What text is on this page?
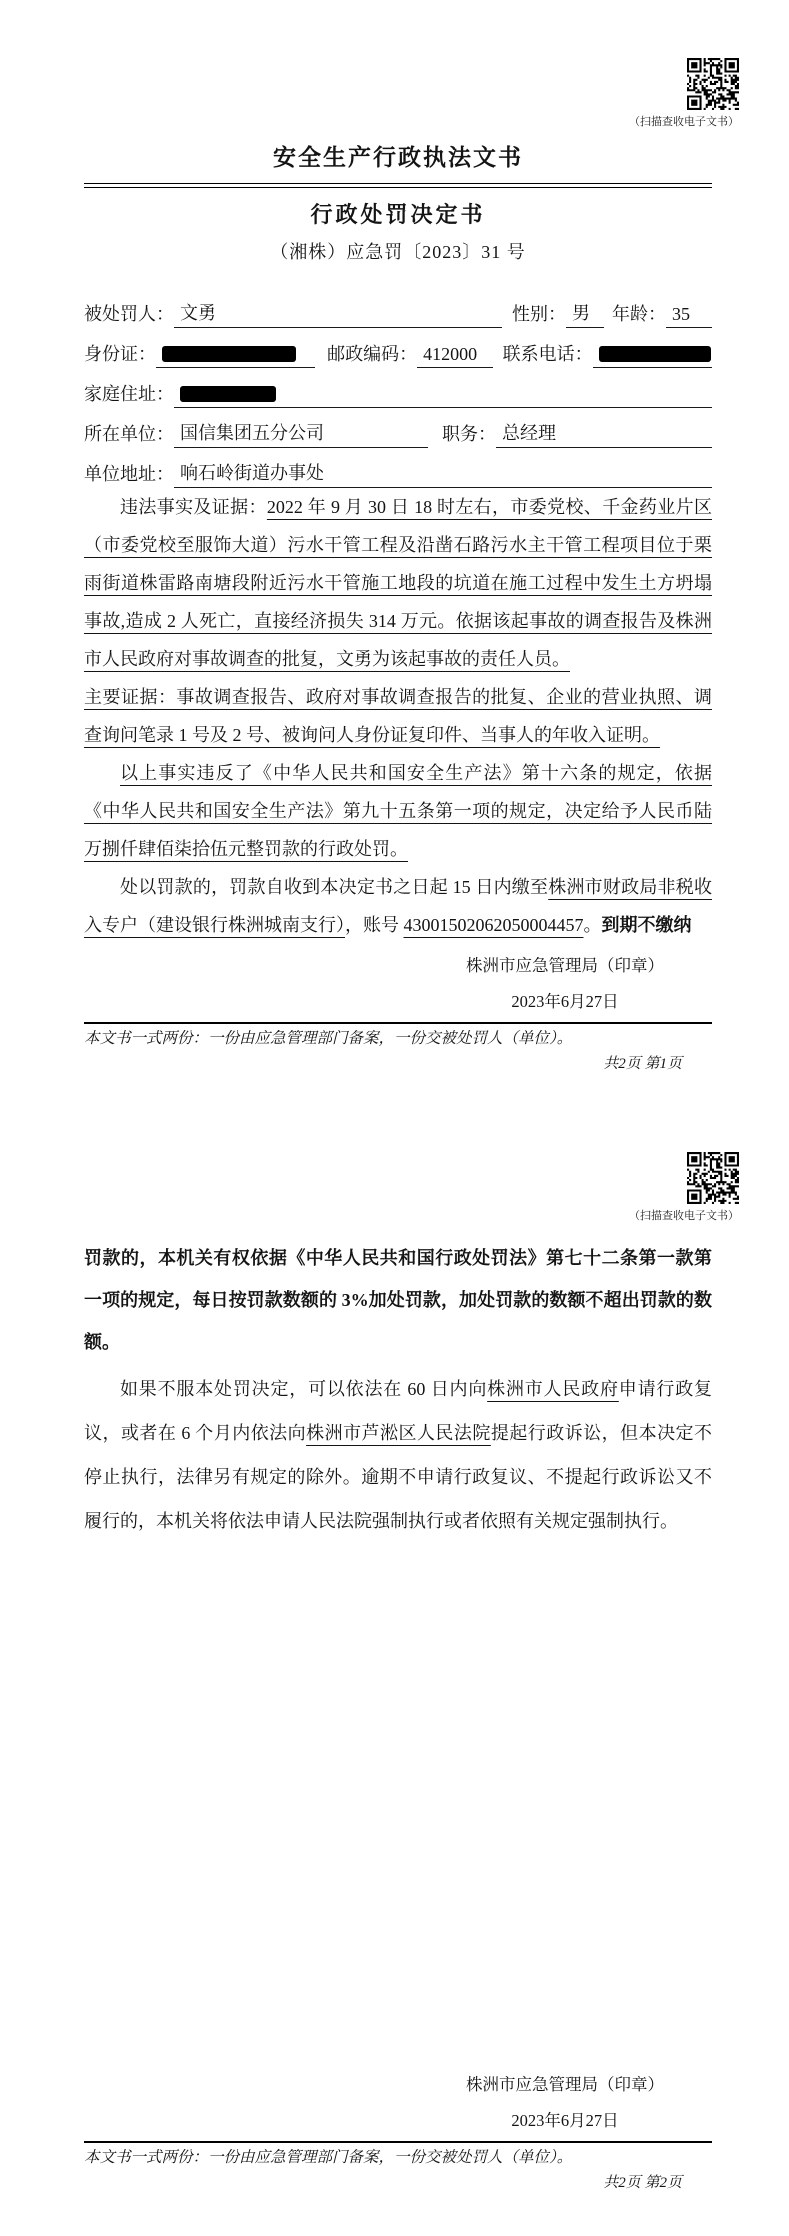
（扫描查收电子文书）
安全生产行政执法文书
行政处罚决定书
（湘株）应急罚〔2023〕31 号
被处罚人： 文勇	性别： 男	年龄： 35
身份证：	邮政编码： 412000	联系电话：
家庭住址：
所在单位： 国信集团五分公司	职务： 总经理
单位地址： 响石岭街道办事处

违法事实及证据：2022 年 9 月 30 日 18 时左右，市委党校、千金药业片区（市委党校至服饰大道）污水干管工程及沿凿石路污水主干管工程项目位于栗雨街道株雷路南塘段附近污水干管施工地段的坑道在施工过程中发生土方坍塌事故,造成 2 人死亡，直接经济损失 314 万元。依据该起事故的调查报告及株洲市人民政府对事故调查的批复，文勇为该起事故的责任人员。

主要证据：事故调查报告、政府对事故调查报告的批复、企业的营业执照、调查询问笔录 1 号及 2 号、被询问人身份证复印件、当事人的年收入证明。

以上事实违反了《中华人民共和国安全生产法》第十六条的规定，依据《中华人民共和国安全生产法》第九十五条第一项的规定，决定给予人民币陆万捌仟肆佰柒拾伍元整罚款的行政处罚。

处以罚款的，罚款自收到本决定书之日起 15 日内缴至株洲市财政局非税收入专户（建设银行株洲城南支行），账号 43001502062050004457。到期不缴纳

株洲市应急管理局（印章）
2023年6月27日
本文书一式两份：一份由应急管理部门备案，一份交被处罚人（单位）。
共2页 第1页
（扫描查收电子文书）

罚款的，本机关有权依据《中华人民共和国行政处罚法》第七十二条第一款第一项的规定，每日按罚款数额的 3%加处罚款，加处罚款的数额不超出罚款的数额。

如果不服本处罚决定，可以依法在 60 日内向株洲市人民政府申请行政复议，或者在 6 个月内依法向株洲市芦淞区人民法院提起行政诉讼，但本决定不停止执行，法律另有规定的除外。逾期不申请行政复议、不提起行政诉讼又不履行的，本机关将依法申请人民法院强制执行或者依照有关规定强制执行。

株洲市应急管理局（印章）
2023年6月27日
本文书一式两份：一份由应急管理部门备案，一份交被处罚人（单位）。
共2页 第2页
